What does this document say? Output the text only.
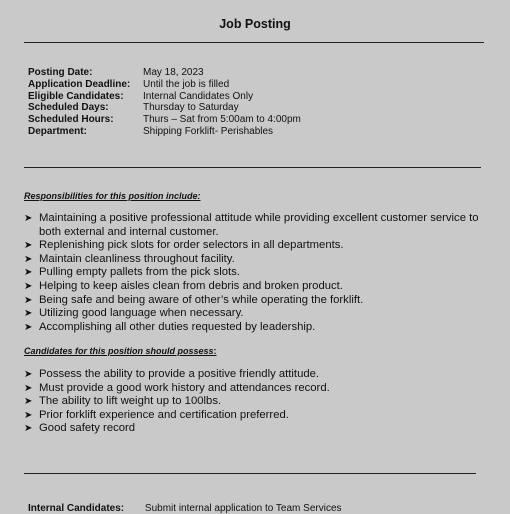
Job Posting
Posting Date:	May 18, 2023
Application Deadline:	Until the job is filled
Eligible Candidates:	Internal Candidates Only
Scheduled Days:	Thursday to Saturday
Scheduled Hours:	Thurs – Sat from 5:00am to 4:00pm
Department:	Shipping Forklift- Perishables
Responsibilities for this position include:
➤ Maintaining a positive professional attitude while providing excellent customer service to both external and internal customer.
➤ Replenishing pick slots for order selectors in all departments.
➤ Maintain cleanliness throughout facility.
➤ Pulling empty pallets from the pick slots.
➤ Helping to keep aisles clean from debris and broken product.
➤ Being safe and being aware of other’s while operating the forklift.
➤ Utilizing good language when necessary.
➤ Accomplishing all other duties requested by leadership.
Candidates for this position should possess:
➤ Possess the ability to provide a positive friendly attitude.
➤ Must provide a good work history and attendances record.
➤ The ability to lift weight up to 100lbs.
➤ Prior forklift experience and certification preferred.
➤ Good safety record
Internal Candidates: Submit internal application to Team Services
